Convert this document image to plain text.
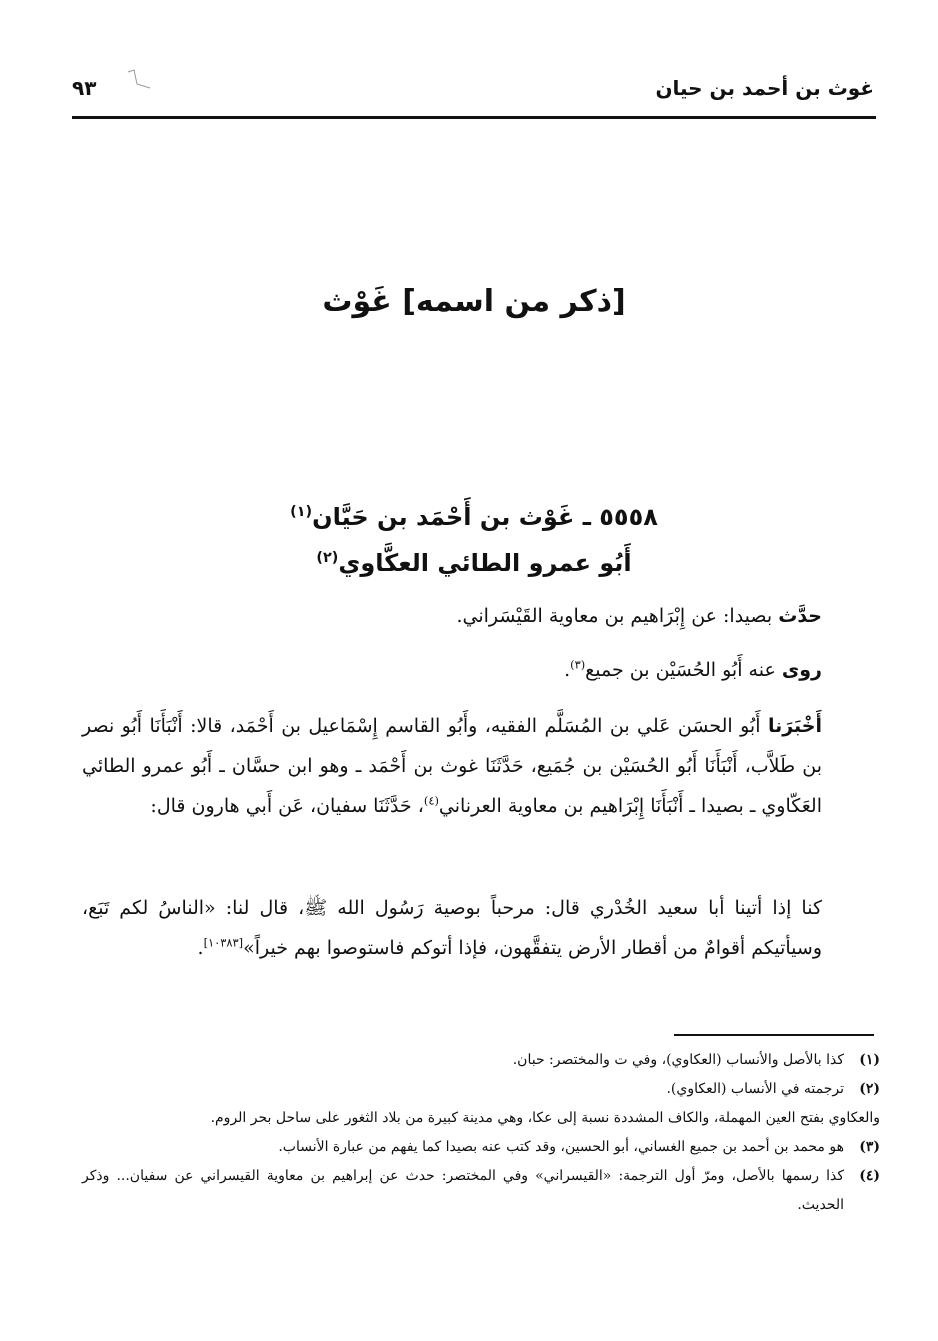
غوث بن أحمد بن حيان
٩٣
[ذكر من اسمه] غَوْث
٥٥٥٨ ـ غَوْث بن أَحْمَد بن حَيَّان$^{(١)}$
أَبُو عمرو الطائي العكَّاوي$^{(٢)}$
حدَّث بصيدا: عن إِبْرَاهيم بن معاوية القَيْسَراني.
روى عنه أَبُو الحُسَيْن بن جميع$^{(٣)}$.
أَخْبَرَنا أَبُو الحسَن عَلي بن المُسَلَّم الفقيه، وأَبُو القاسم إِسْمَاعيل بن أَحْمَد، قالا: أَنْبَأَنَا أَبُو نصر بن طَلاَّب، أَنْبَأَنَا أَبُو الحُسَيْن بن جُمَيع، حَدَّثَنَا غوث بن أَحْمَد ـ وهو ابن حسَّان ـ أَبُو عمرو الطائي العَكّاوي ـ بصيدا ـ أَنْبَأَنَا إِبْرَاهيم بن معاوية العرناني$^{(٤)}$، حَدَّثَنَا سفيان، عَن أَبي هارون قال:
كنا إذا أتينا أبا سعيد الخُدْري قال: مرحباً بوصية رَسُول الله ﷺ، قال لنا: «الناسُ لكم تَبَع، وسيأتيكم أقوامٌ من أقطار الأرض يتفقَّهون، فإذا أتوكم فاستوصوا بهم خيراً»[١٠٣٨٣].
(١)
كذا بالأصل والأنساب (العكاوي)، وفي ت والمختصر: حبان.
(٢)
ترجمته في الأنساب (العكاوي).
والعكاوي بفتح العين المهملة، والكاف المشددة نسبة إلى عكا، وهي مدينة كبيرة من بلاد الثغور على ساحل بحر الروم.
(٣)
هو محمد بن أحمد بن جميع الغساني، أبو الحسين، وقد كتب عنه بصيدا كما يفهم من عبارة الأنساب.
(٤)
كذا رسمها بالأصل، ومرّ أول الترجمة: «القيسراني» وفي المختصر: حدث عن إبراهيم بن معاوية القيسراني عن سفيان... وذكر الحديث.
